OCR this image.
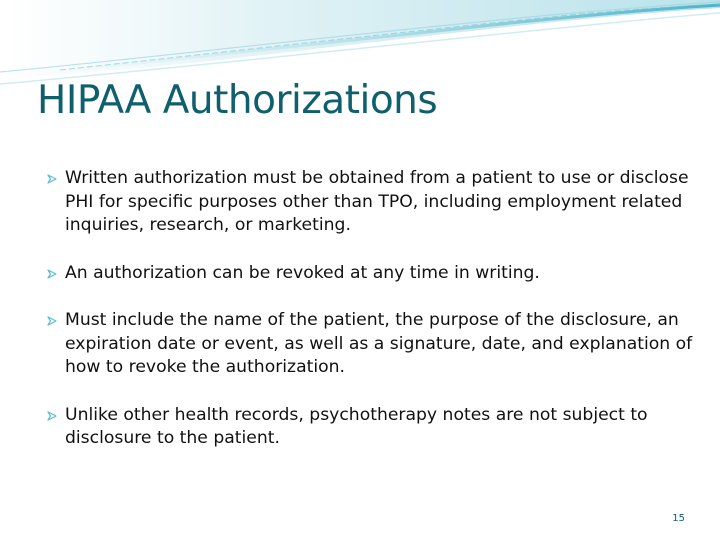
HIPAA Authorizations
Written authorization must be obtained from a patient to use or disclose PHI for specific purposes other than TPO, including employment related inquiries, research, or marketing.
An authorization can be revoked at any time in writing.
Must include the name of the patient, the purpose of the disclosure, an expiration date or event, as well as a signature, date, and explanation of how to revoke the authorization.
Unlike other health records, psychotherapy notes are not subject to disclosure to the patient.
15
